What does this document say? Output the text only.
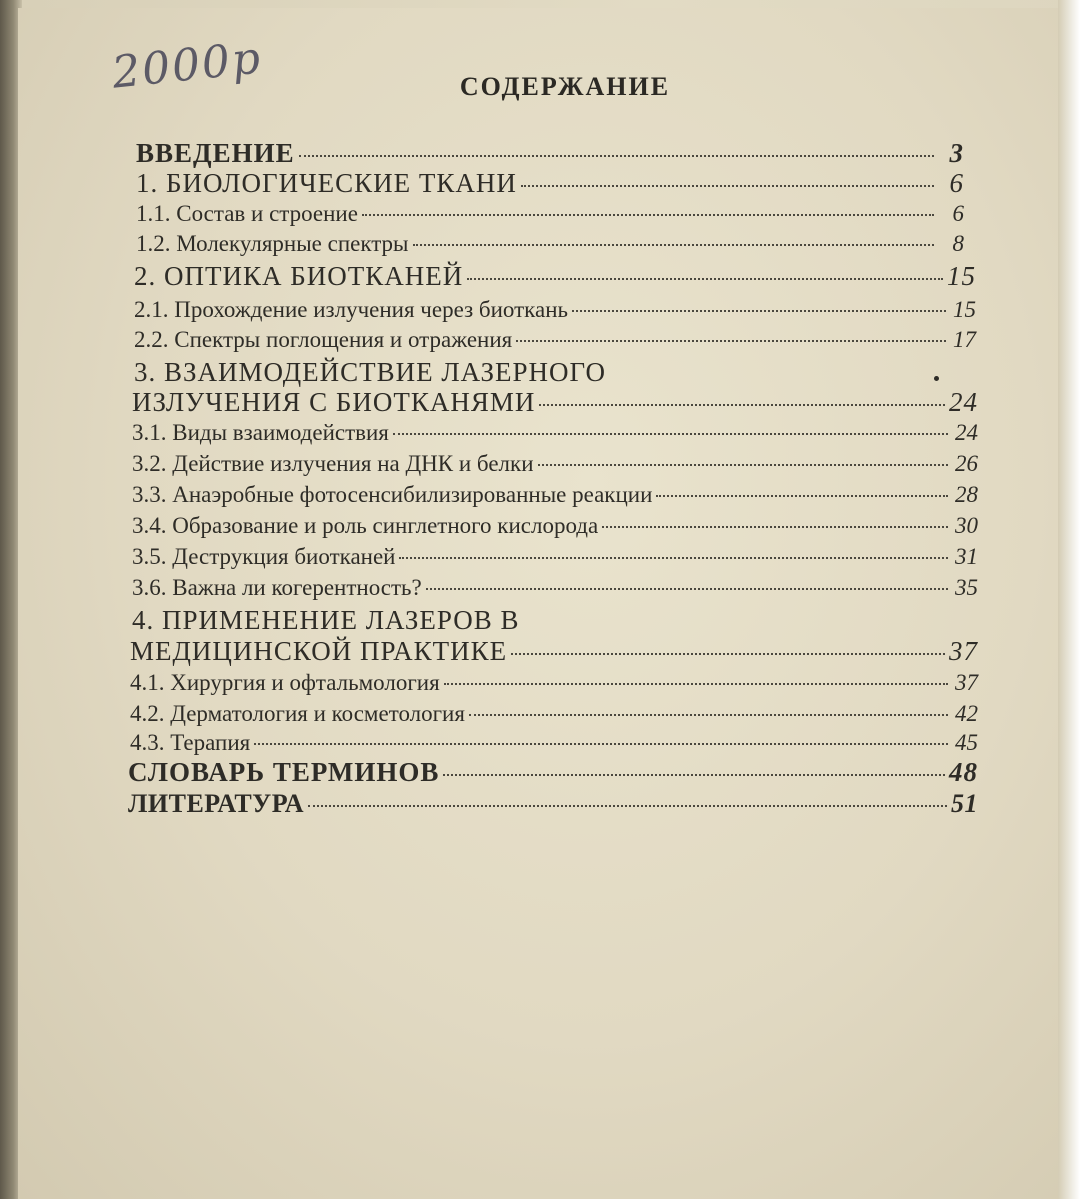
2000р	СОДЕРЖАНИЕ
ВВЕДЕНИЕ	3
1. БИОЛОГИЧЕСКИЕ ТКАНИ	6
1.1. Состав и строение	6
1.2. Молекулярные спектры	8
2. ОПТИКА БИОТКАНЕЙ	15
2.1. Прохождение излучения через биоткань	15
2.2. Спектры поглощения и отражения	17
3. ВЗАИМОДЕЙСТВИЕ ЛАЗЕРНОГО
ИЗЛУЧЕНИЯ С БИОТКАНЯМИ	24
3.1. Виды взаимодействия	24
3.2. Действие излучения на ДНК и белки	26
3.3. Анаэробные фотосенсибилизированные реакции	28
3.4. Образование и роль синглетного кислорода	30
3.5. Деструкция биотканей	31
3.6. Важна ли когерентность?	35
4. ПРИМЕНЕНИЕ ЛАЗЕРОВ В
МЕДИЦИНСКОЙ ПРАКТИКЕ	37
4.1. Хирургия и офтальмология	37
4.2. Дерматология и косметология	42
4.3. Терапия	45
СЛОВАРЬ ТЕРМИНОВ	48
ЛИТЕРАТУРА	51
